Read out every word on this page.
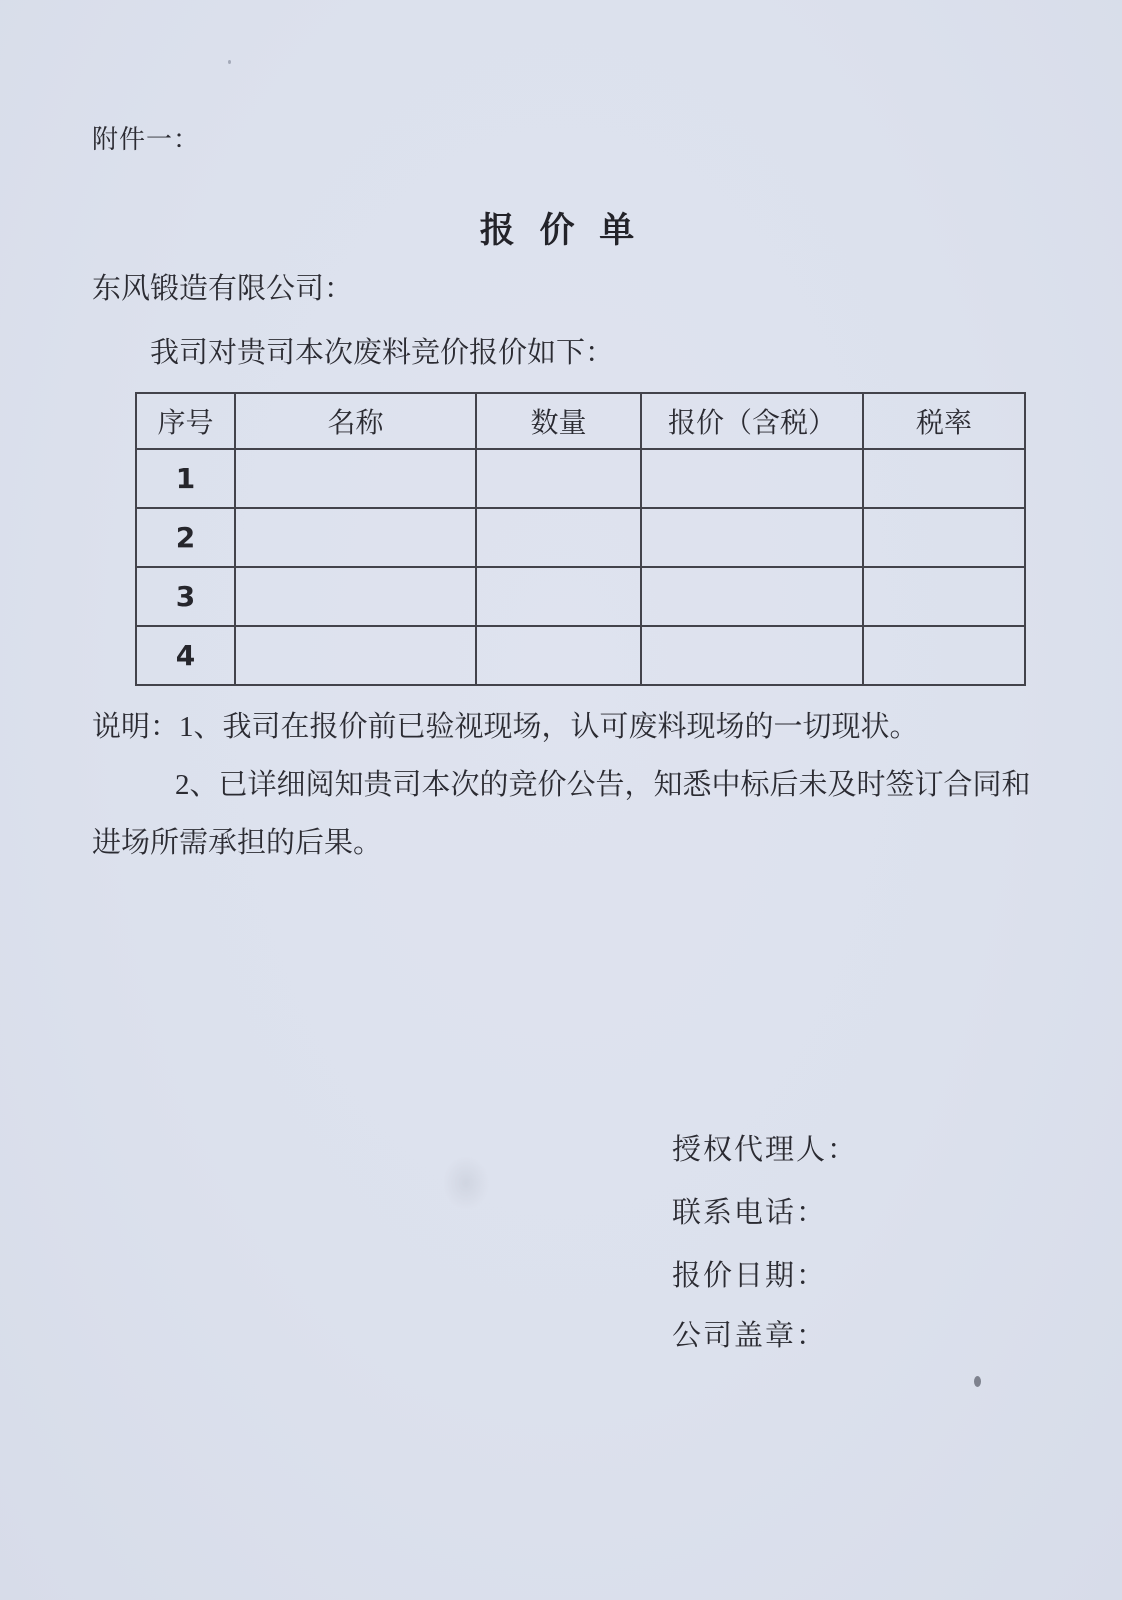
附件一：
报 价 单
东风锻造有限公司：
我司对贵司本次废料竞价报价如下：
序号	名称	数量	报价（含税）	税率
1				
2				
3				
4				
说明：1、我司在报价前已验视现场，认可废料现场的一切现状。
2、已详细阅知贵司本次的竞价公告，知悉中标后未及时签订合同和
进场所需承担的后果。
授权代理人：
联系电话：
报价日期：
公司盖章：
